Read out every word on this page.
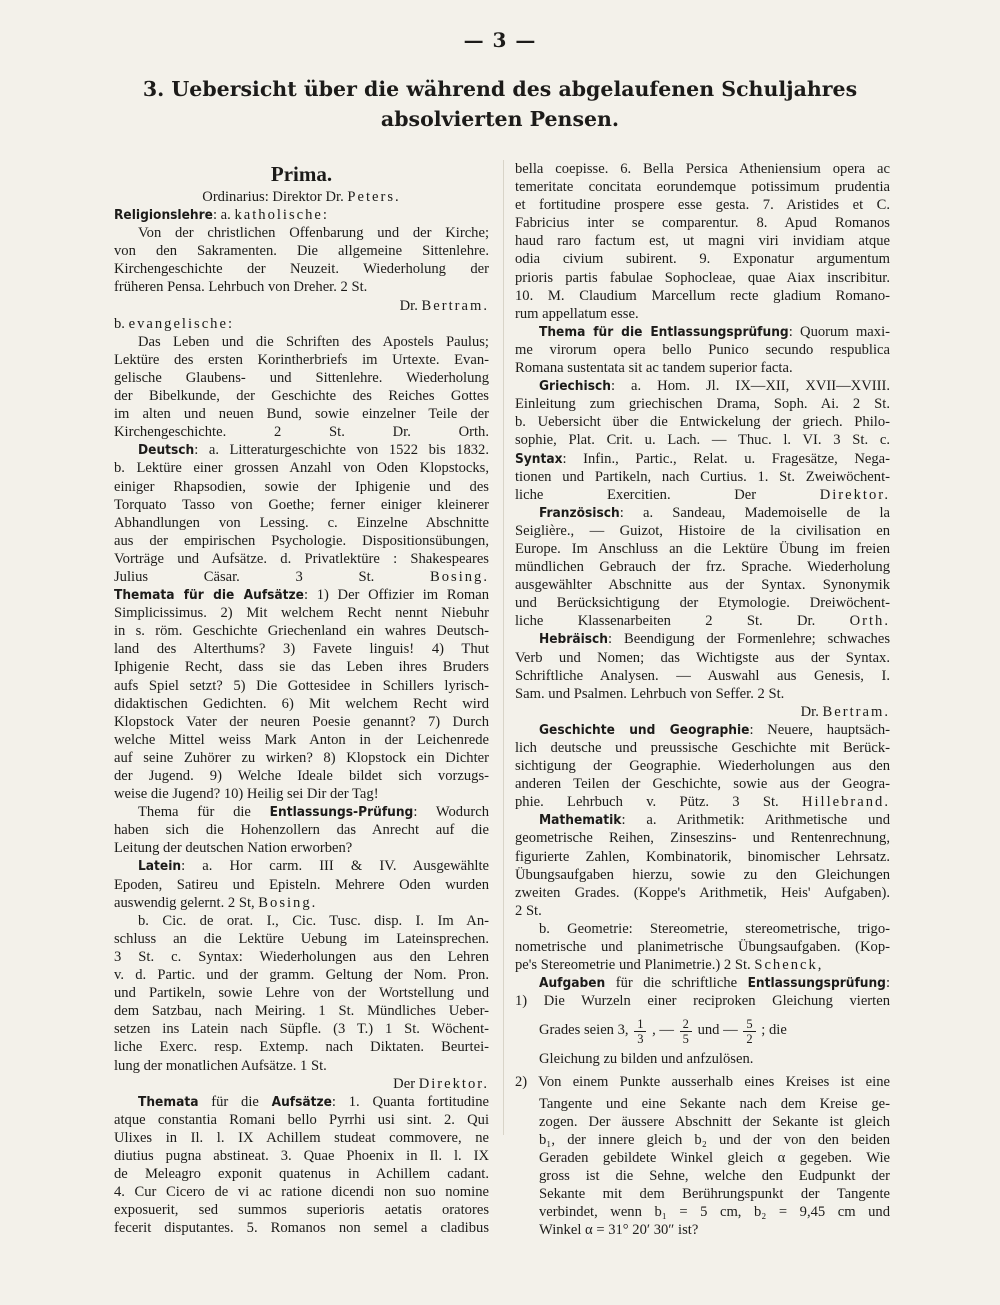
— 3 —
3. Uebersicht über die während des abgelaufenen Schuljahres
absolvierten Pensen.
Prima.
Ordinarius: Direktor Dr. Peters.
Religionslehre: a. katholische:
Von der christlichen Offenbarung und der Kirche;
von den Sakramenten. Die allgemeine Sittenlehre.
Kirchengeschichte der Neuzeit. Wiederholung der
früheren Pensa. Lehrbuch von Dreher. 2 St.
Dr. Bertram.
b. evangelische:
Das Leben und die Schriften des Apostels Paulus;
Lektüre des ersten Korintherbriefs im Urtexte. Evan-
gelische Glaubens- und Sittenlehre. Wiederholung
der Bibelkunde, der Geschichte des Reiches Gottes
im alten und neuen Bund, sowie einzelner Teile der
Kirchengeschichte. 2 St. Dr. Orth.
Deutsch: a. Litteraturgeschichte von 1522 bis 1832.
b. Lektüre einer grossen Anzahl von Oden Klopstocks,
einiger Rhapsodien, sowie der Iphigenie und des
Torquato Tasso von Goethe; ferner einiger kleinerer
Abhandlungen von Lessing. c. Einzelne Abschnitte
aus der empirischen Psychologie. Dispositionsübungen,
Vorträge und Aufsätze. d. Privatlektüre : Shakespeares
Julius Cäsar. 3 St. Bosing.
Themata für die Aufsätze: 1) Der Offizier im Roman
Simplicissimus. 2) Mit welchem Recht nennt Niebuhr
in s. röm. Geschichte Griechenland ein wahres Deutsch-
land des Alterthums? 3) Favete linguis! 4) Thut
Iphigenie Recht, dass sie das Leben ihres Bruders
aufs Spiel setzt? 5) Die Gottesidee in Schillers lyrisch-
didaktischen Gedichten. 6) Mit welchem Recht wird
Klopstock Vater der neuren Poesie genannt? 7) Durch
welche Mittel weiss Mark Anton in der Leichenrede
auf seine Zuhörer zu wirken? 8) Klopstock ein Dichter
der Jugend. 9) Welche Ideale bildet sich vorzugs-
weise die Jugend? 10) Heilig sei Dir der Tag!
Thema für die Entlassungs-Prüfung: Wodurch
haben sich die Hohenzollern das Anrecht auf die
Leitung der deutschen Nation erworben?
Latein: a. Hor carm. III & IV. Ausgewählte
Epoden, Satireu und Episteln. Mehrere Oden wurden
auswendig gelernt. 2 St, Bosing.
b. Cic. de orat. I., Cic. Tusc. disp. I. Im An-
schluss an die Lektüre Uebung im Lateinsprechen.
3 St. c. Syntax: Wiederholungen aus den Lehren
v. d. Partic. und der gramm. Geltung der Nom. Pron.
und Partikeln, sowie Lehre von der Wortstellung und
dem Satzbau, nach Meiring. 1 St. Mündliches Ueber-
setzen ins Latein nach Süpfle. (3 T.) 1 St. Wöchent-
liche Exerc. resp. Extemp. nach Diktaten. Beurtei-
lung der monatlichen Aufsätze. 1 St.
Der Direktor.
Themata für die Aufsätze: 1. Quanta fortitudine
atque constantia Romani bello Pyrrhi usi sint. 2. Qui
Ulixes in Il. l. IX Achillem studeat commovere, ne
diutius pugna abstineat. 3. Quae Phoenix in Il. l. IX
de Meleagro exponit quatenus in Achillem cadant.
4. Cur Cicero de vi ac ratione dicendi non suo nomine
exposuerit, sed summos superioris aetatis oratores
fecerit disputantes. 5. Romanos non semel a cladibus
bella coepisse. 6. Bella Persica Atheniensium opera ac
temeritate concitata eorundemque potissimum prudentia
et fortitudine prospere esse gesta. 7. Aristides et C.
Fabricius inter se comparentur. 8. Apud Romanos
haud raro factum est, ut magni viri invidiam atque
odia civium subirent. 9. Exponatur argumentum
prioris partis fabulae Sophocleae, quae Aiax inscribitur.
10. M. Claudium Marcellum recte gladium Romano-
rum appellatum esse.
Thema für die Entlassungsprüfung: Quorum maxi-
me virorum opera bello Punico secundo respublica
Romana sustentata sit ac tandem superior facta.
Griechisch: a. Hom. Jl. IX—XII, XVII—XVIII.
Einleitung zum griechischen Drama, Soph. Ai. 2 St.
b. Uebersicht über die Entwickelung der griech. Philo-
sophie, Plat. Crit. u. Lach. — Thuc. l. VI. 3 St. c.
Syntax: Infin., Partic., Relat. u. Fragesätze, Nega-
tionen und Partikeln, nach Curtius. 1. St. Zweiwöchent-
liche Exercitien. Der Direktor.
Französisch: a. Sandeau, Mademoiselle de la
Seiglière., — Guizot, Histoire de la civilisation en
Europe. Im Anschluss an die Lektüre Übung im freien
mündlichen Gebrauch der frz. Sprache. Wiederholung
ausgewählter Abschnitte aus der Syntax. Synonymik
und Berücksichtigung der Etymologie. Dreiwöchent-
liche Klassenarbeiten 2 St. Dr. Orth.
Hebräisch: Beendigung der Formenlehre; schwaches
Verb und Nomen; das Wichtigste aus der Syntax.
Schriftliche Analysen. — Auswahl aus Genesis, I.
Sam. und Psalmen. Lehrbuch von Seffer. 2 St.
Dr. Bertram.
Geschichte und Geographie: Neuere, hauptsäch-
lich deutsche und preussische Geschichte mit Berück-
sichtigung der Geographie. Wiederholungen aus den
anderen Teilen der Geschichte, sowie aus der Geogra-
phie. Lehrbuch v. Pütz. 3 St. Hillebrand.
Mathematik: a. Arithmetik: Arithmetische und
geometrische Reihen, Zinseszins- und Rentenrechnung,
figurierte Zahlen, Kombinatorik, binomischer Lehrsatz.
Übungsaufgaben hierzu, sowie zu den Gleichungen
zweiten Grades. (Koppe's Arithmetik, Heis' Aufgaben).
2 St.
b. Geometrie: Stereometrie, stereometrische, trigo-
nometrische und planimetrische Übungsaufgaben. (Kop-
pe's Stereometrie und Planimetrie.) 2 St. Schenck,
Aufgaben für die schriftliche Entlassungsprüfung:
1) Die Wurzeln einer reciproken Gleichung vierten
Grades seien 3, $\frac{1}{3}$ , — $\frac{2}{5}$ und — $\frac{5}{2}$ ; die
Gleichung zu bilden und anfzulösen.
2) Von einem Punkte ausserhalb eines Kreises ist eine
Tangente und eine Sekante nach dem Kreise ge-
zogen. Der äussere Abschnitt der Sekante ist gleich
b₁, der innere gleich b₂ und der von den beiden
Geraden gebildete Winkel gleich α gegeben. Wie
gross ist die Sehne, welche den Eudpunkt der
Sekante mit dem Berührungspunkt der Tangente
verbindet, wenn b₁ = 5 cm, b₂ = 9,45 cm und
Winkel α = 31° 20′ 30″ ist?
